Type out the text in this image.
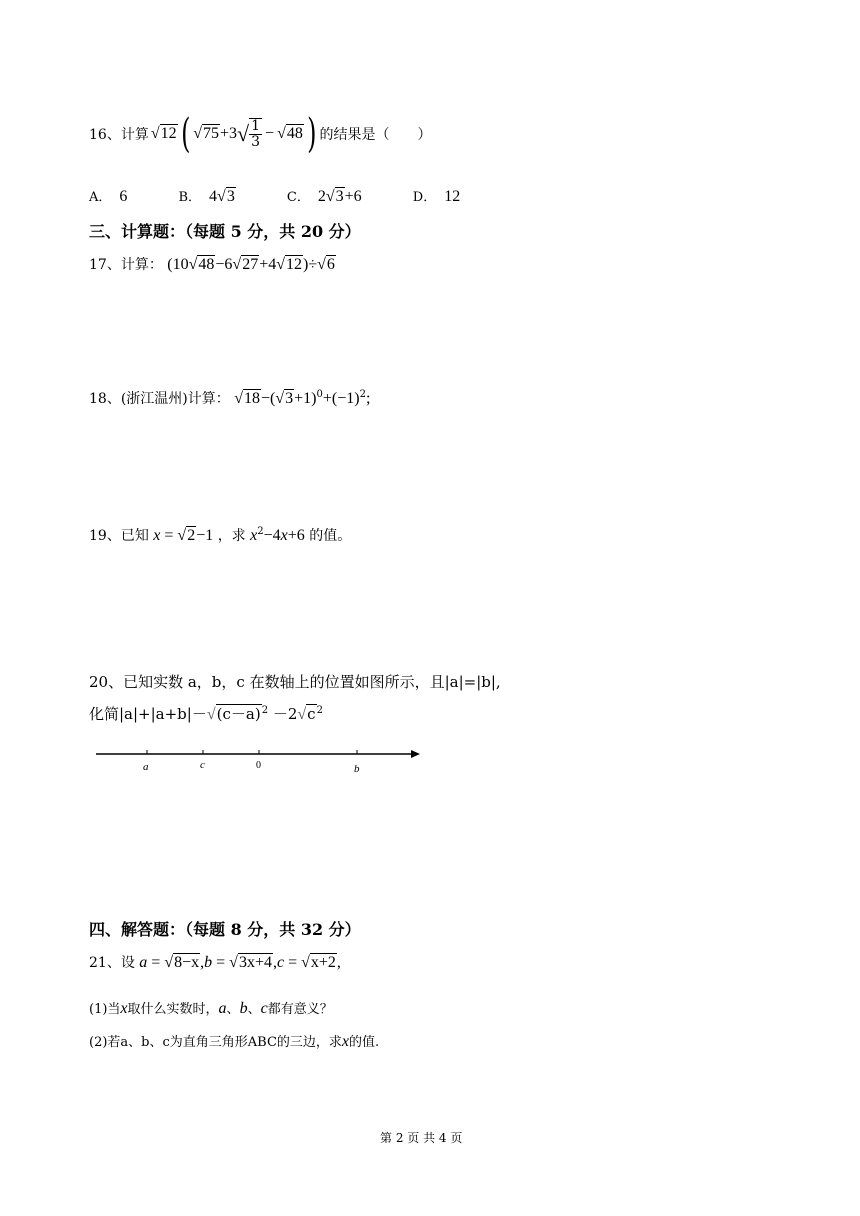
16、计算 √12 ( √75 +3 √ $\frac{1}{3} - √48$ ) 的结果是（　　）
A． 6	B． 4√3	C． 2√3+6	D． 12
三、计算题：（每题 5 分，共 20 分）
17、计算： (10√48−6√27+4√12)÷√6
18、(浙江温州)计算： $√18-(√3+1)^0+(-1)^2$;
19、已知 x = √2−1 ，求 $x^2-4x+6$ 的值。
20、已知实数 a，b，c 在数轴上的位置如图所示，且|a|=|b|,
化简$|a|+|a+b|-√(c-a)^2 -2√c^2$
a	c	0	b
四、解答题：（每题 8 分，共 32 分）
21、设 a = √8−x,b = √3x+4,c = √x+2,
(1)当x取什么实数时，a、b、c都有意义？
(2)若a、b、c为直角三角形ABC的三边，求x的值.
第 2 页 共 4 页
